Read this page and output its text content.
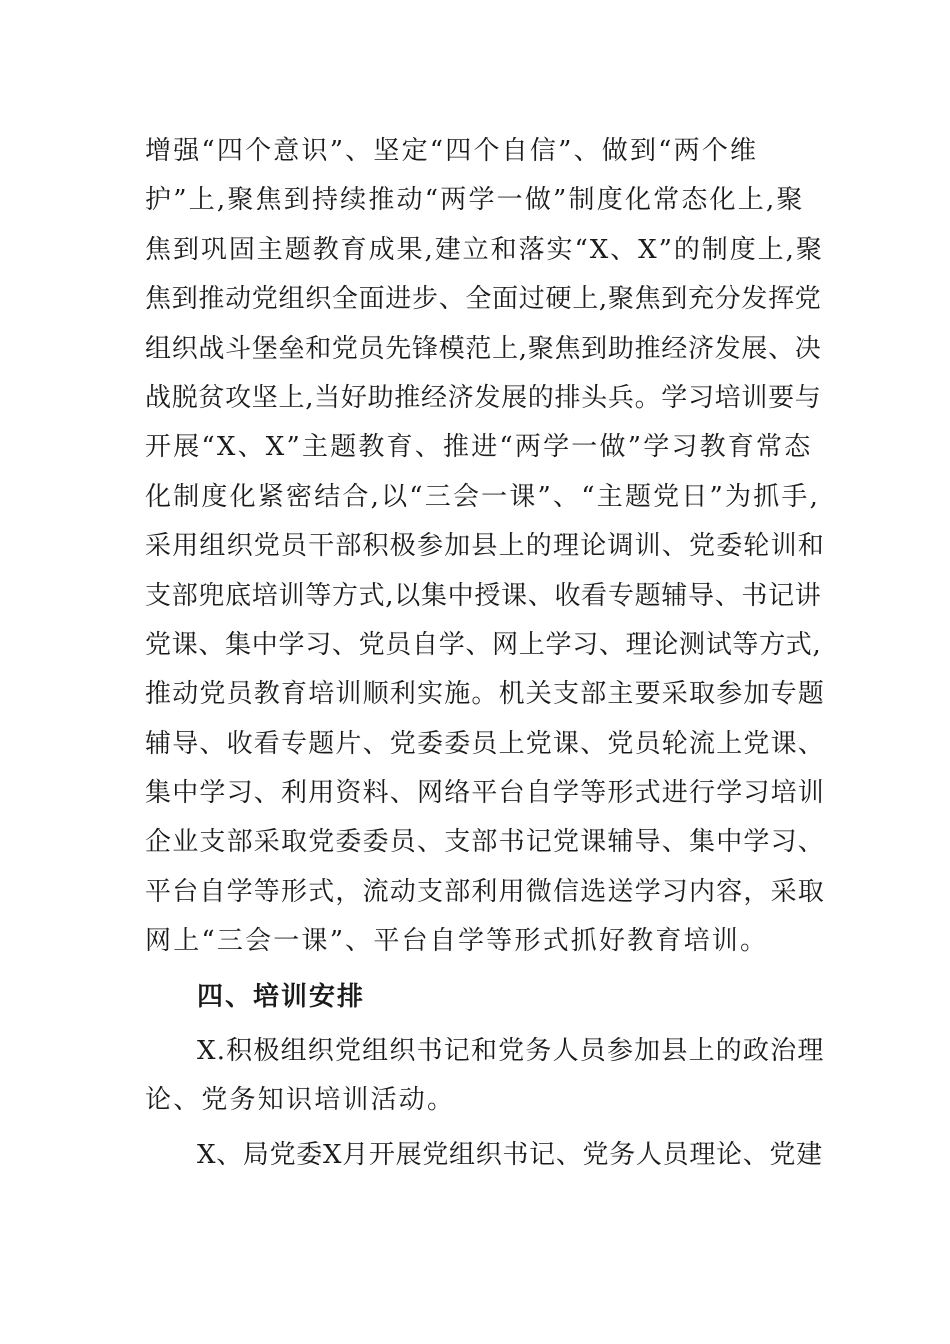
增强“四个意识”、坚定“四个自信”、做到“两个维
护”上,聚焦到持续推动“两学一做”制度化常态化上,聚
焦到巩固主题教育成果,建立和落实“X、X”的制度上,聚
焦到推动党组织全面进步、全面过硬上,聚焦到充分发挥党
组织战斗堡垒和党员先锋模范上,聚焦到助推经济发展、决
战脱贫攻坚上,当好助推经济发展的排头兵。学习培训要与
开展“X、X”主题教育、推进“两学一做”学习教育常态
化制度化紧密结合,以“三会一课”、“主题党日”为抓手,
采用组织党员干部积极参加县上的理论调训、党委轮训和
支部兜底培训等方式,以集中授课、收看专题辅导、书记讲
党课、集中学习、党员自学、网上学习、理论测试等方式,
推动党员教育培训顺利实施。机关支部主要采取参加专题
辅导、收看专题片、党委委员上党课、党员轮流上党课、
集中学习、利用资料、网络平台自学等形式进行学习培训
企业支部采取党委委员、支部书记党课辅导、集中学习、
平台自学等形式，流动支部利用微信选送学习内容，采取
网上“三会一课”、平台自学等形式抓好教育培训。
四、培训安排
X.积极组织党组织书记和党务人员参加县上的政治理
论、党务知识培训活动。
X、局党委X月开展党组织书记、党务人员理论、党建
